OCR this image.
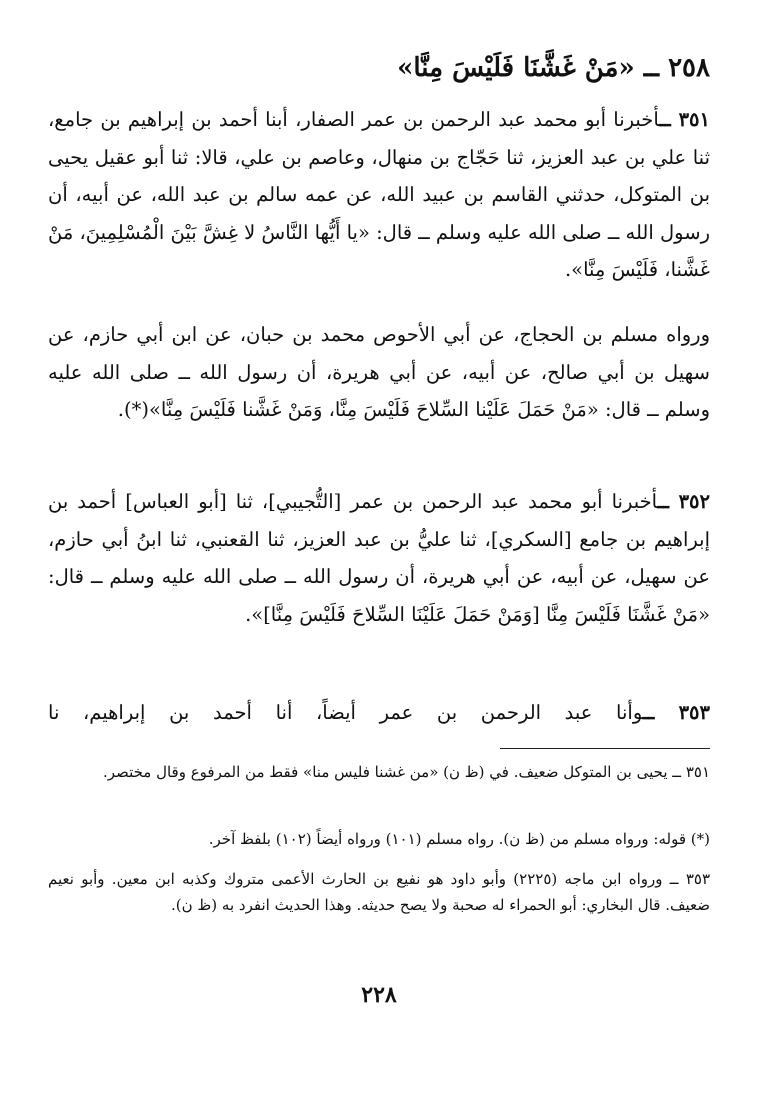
٢٥٨ ــ «مَنْ غَشَّنَا فَلَيْسَ مِنَّا»
٣٥١ ــأخبرنا أبو محمد عبد الرحمن بن عمر الصفار، أبنا أحمد بن إبراهيم بن جامع، ثنا علي بن عبد العزيز، ثنا حَجّاج بن منهال، وعاصم بن علي، قالا: ثنا أبو عقيل يحيى بن المتوكل، حدثني القاسم بن عبيد الله، عن عمه سالم بن عبد الله، عن أبيه، أن رسول الله ــ صلى الله عليه وسلم ــ قال: «يا أَيُّها النَّاسُ لا غِشَّ بَيْنَ الْمُسْلِمِينَ، مَنْ غَشَّنا، فَلَيْسَ مِنَّا».
ورواه مسلم بن الحجاج، عن أبي الأحوص محمد بن حبان، عن ابن أبي حازم، عن سهيل بن أبي صالح، عن أبيه، عن أبي هريرة، أن رسول الله ــ صلى الله عليه وسلم ــ قال: «مَنْ حَمَلَ عَلَيْنا السِّلاحَ فَلَيْسَ مِنَّا، وَمَنْ غَشَّنا فَلَيْسَ مِنَّا»(*).
٣٥٢ ــأخبرنا أبو محمد عبد الرحمن بن عمر [التُّجيبي]، ثنا [أبو العباس] أحمد بن إبراهيم بن جامع [السكري]، ثنا عليُّ بن عبد العزيز، ثنا القعنبي، ثنا ابنُ أبي حازم، عن سهيل، عن أبيه، عن أبي هريرة، أن رسول الله ــ صلى الله عليه وسلم ــ قال: «مَنْ غَشَّنَا فَلَيْسَ مِنَّا [وَمَنْ حَمَلَ عَلَيْنَا السِّلاحَ فَلَيْسَ مِنَّا]».
٣٥٣ ــوأنا عبد الرحمن بن عمر أيضاً، أنا أحمد بن إبراهيم، نا
٣٥١ ــ يحيى بن المتوكل ضعيف. في (ظ ن) «من غشنا فليس منا» فقط من المرفوع وقال مختصر.
(*) قوله: ورواه مسلم من (ظ ن). رواه مسلم (١٠١) ورواه أيضاً (١٠٢) بلفظ آخر.
٣٥٣ ــ ورواه ابن ماجه (٢٢٢٥) وأبو داود هو نفيع بن الحارث الأعمى متروك وكذبه ابن معين. وأبو نعيم ضعيف. قال البخاري: أبو الحمراء له صحبة ولا يصح حديثه. وهذا الحديث انفرد به (ظ ن).
٢٢٨
